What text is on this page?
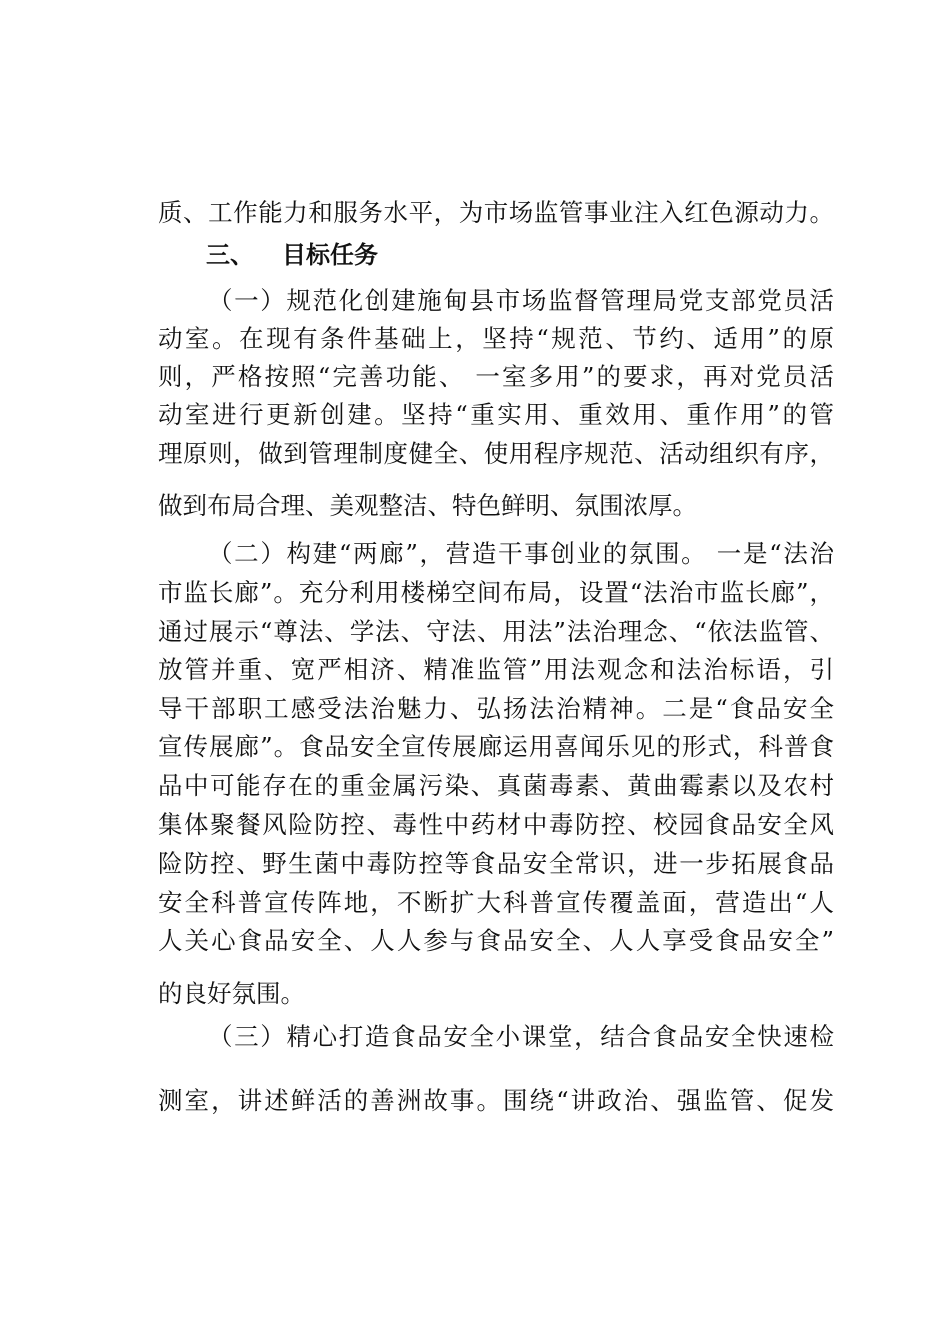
质、工作能力和服务水平，为市场监管事业注入红色源动力。
三、 目标任务
（一）规范化创建施甸县市场监督管理局党支部党员活
动室。在现有条件基础上，坚持“规范、节约、适用”的原
则，严格按照“完善功能、 一室多用”的要求，再对党员活
动室进行更新创建。坚持“重实用、重效用、重作用”的管
理原则，做到管理制度健全、使用程序规范、活动组织有序，
做到布局合理、美观整洁、特色鲜明、氛围浓厚。
（二）构建“两廊”，营造干事创业的氛围。 一是“法治
市监长廊”。充分利用楼梯空间布局，设置“法治市监长廊”，
通过展示“尊法、学法、守法、用法”法治理念、“依法监管、
放管并重、宽严相济、精准监管”用法观念和法治标语，引
导干部职工感受法治魅力、弘扬法治精神。二是“食品安全
宣传展廊”。食品安全宣传展廊运用喜闻乐见的形式，科普食
品中可能存在的重金属污染、真菌毒素、黄曲霉素以及农村
集体聚餐风险防控、毒性中药材中毒防控、校园食品安全风
险防控、野生菌中毒防控等食品安全常识，进一步拓展食品
安全科普宣传阵地，不断扩大科普宣传覆盖面，营造出“人
人关心食品安全、人人参与食品安全、人人享受食品安全”
的良好氛围。
（三）精心打造食品安全小课堂，结合食品安全快速检
测室，讲述鲜活的善洲故事。围绕“讲政治、强监管、促发
